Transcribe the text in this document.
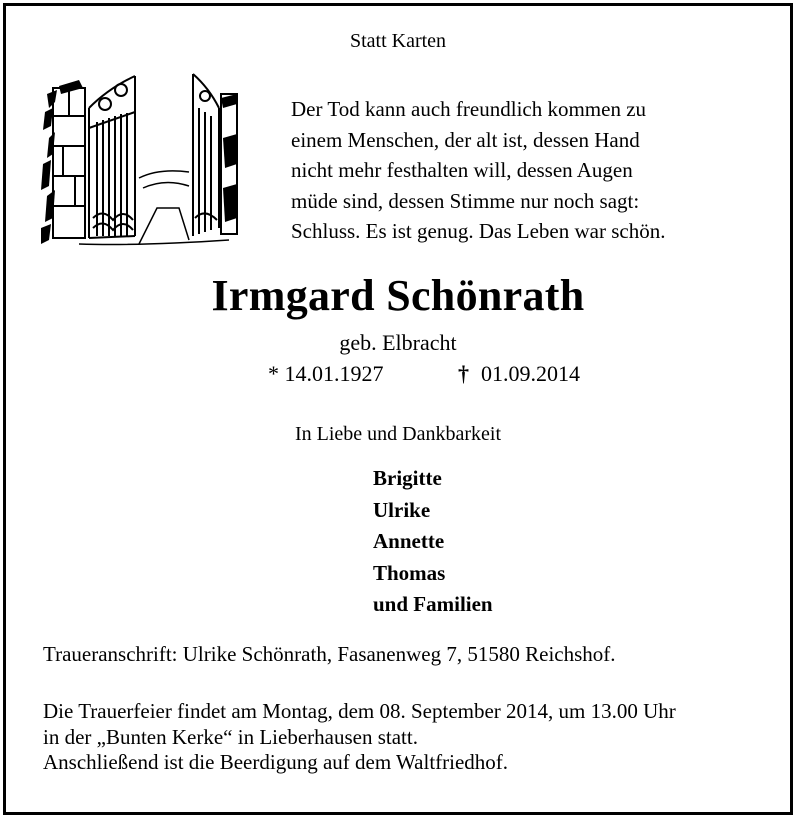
Statt Karten

Der Tod kann auch freundlich kommen zu
einem Menschen, der alt ist, dessen Hand
nicht mehr festhalten will, dessen Augen
müde sind, dessen Stimme nur noch sagt:
Schluss. Es ist genug. Das Leben war schön.

Irmgard Schönrath

geb. Elbracht

* 14.01.1927	† 01.09.2014

In Liebe und Dankbarkeit

Brigitte
Ulrike
Annette
Thomas
und Familien

Traueranschrift: Ulrike Schönrath, Fasanenweg 7, 51580 Reichshof.

Die Trauerfeier findet am Montag, dem 08. September 2014, um 13.00 Uhr
in der „Bunten Kerke“ in Lieberhausen statt.
Anschließend ist die Beerdigung auf dem Waltfriedhof.
